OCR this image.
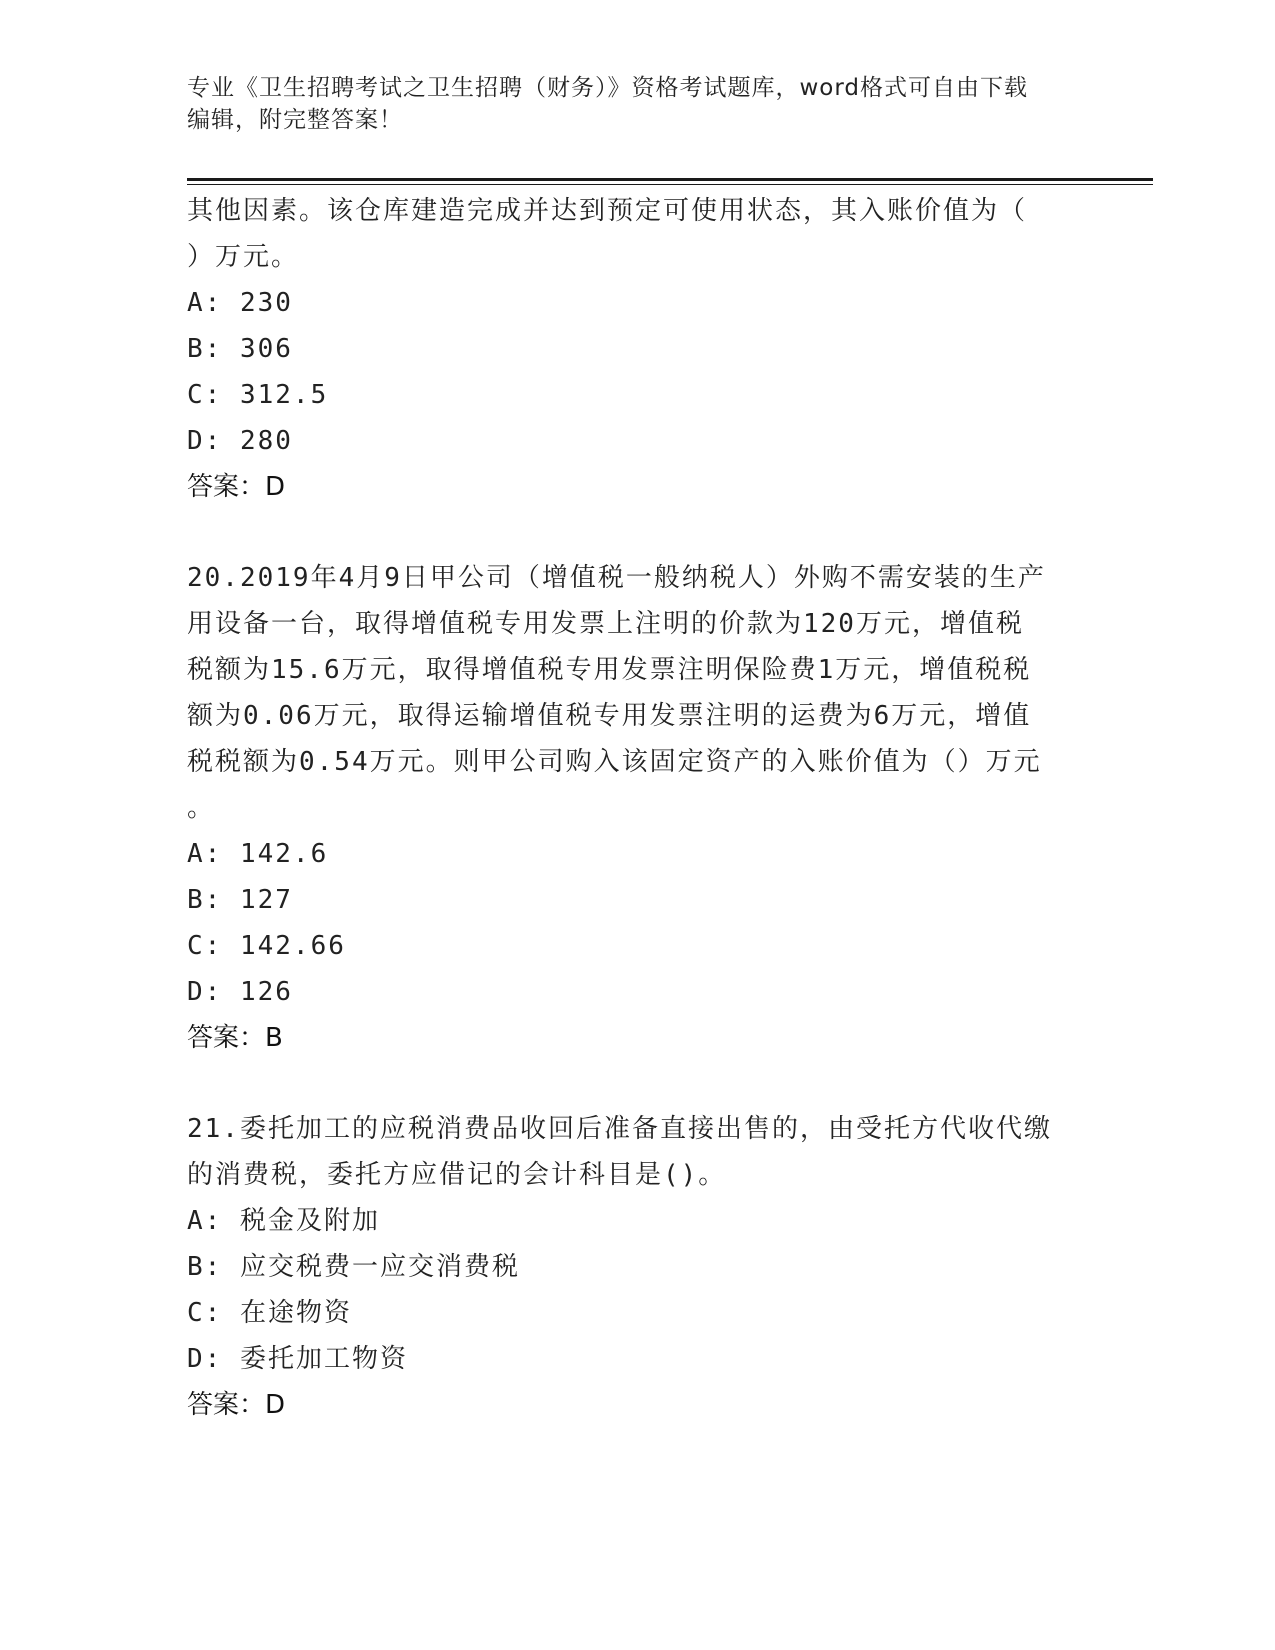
专业《卫生招聘考试之卫生招聘（财务）》资格考试题库，word格式可自由下载
编辑，附完整答案！
其他因素。该仓库建造完成并达到预定可使用状态，其入账价值为（
）万元。
A: 230
B: 306
C: 312.5
D: 280
答案：D
20.2019年4月9日甲公司（增值税一般纳税人）外购不需安装的生产
用设备一台，取得增值税专用发票上注明的价款为120万元，增值税
税额为15.6万元，取得增值税专用发票注明保险费1万元，增值税税
额为0.06万元，取得运输增值税专用发票注明的运费为6万元，增值
税税额为0.54万元。则甲公司购入该固定资产的入账价值为（）万元
。
A: 142.6
B: 127
C: 142.66
D: 126
答案：B
21.委托加工的应税消费品收回后准备直接出售的，由受托方代收代缴
的消费税，委托方应借记的会计科目是()。
A: 税金及附加
B: 应交税费一应交消费税
C: 在途物资
D: 委托加工物资
答案：D
